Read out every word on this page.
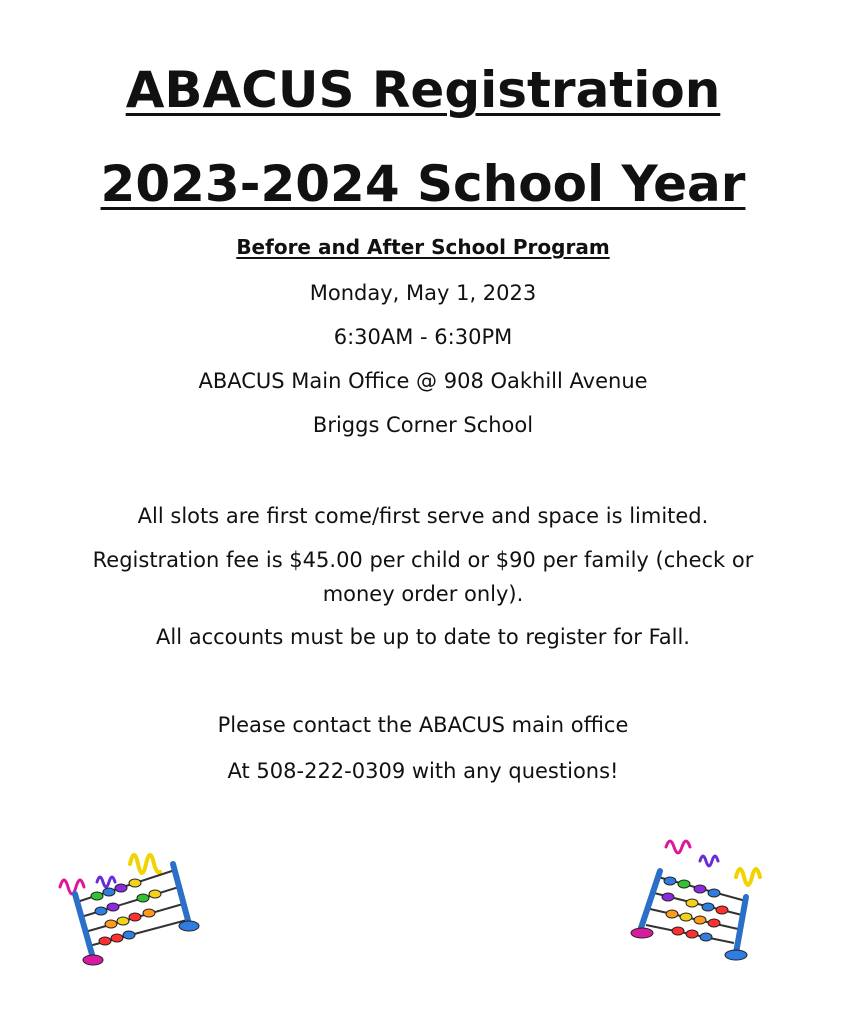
ABACUS Registration
2023-2024 School Year
Before and After School Program
Monday, May 1, 2023
6:30AM - 6:30PM
ABACUS Main Office @ 908 Oakhill Avenue
Briggs Corner School
All slots are first come/first serve and space is limited.
Registration fee is $45.00 per child or $90 per family (check or money order only).
All accounts must be up to date to register for Fall.
Please contact the ABACUS main office
At 508-222-0309 with any questions!
